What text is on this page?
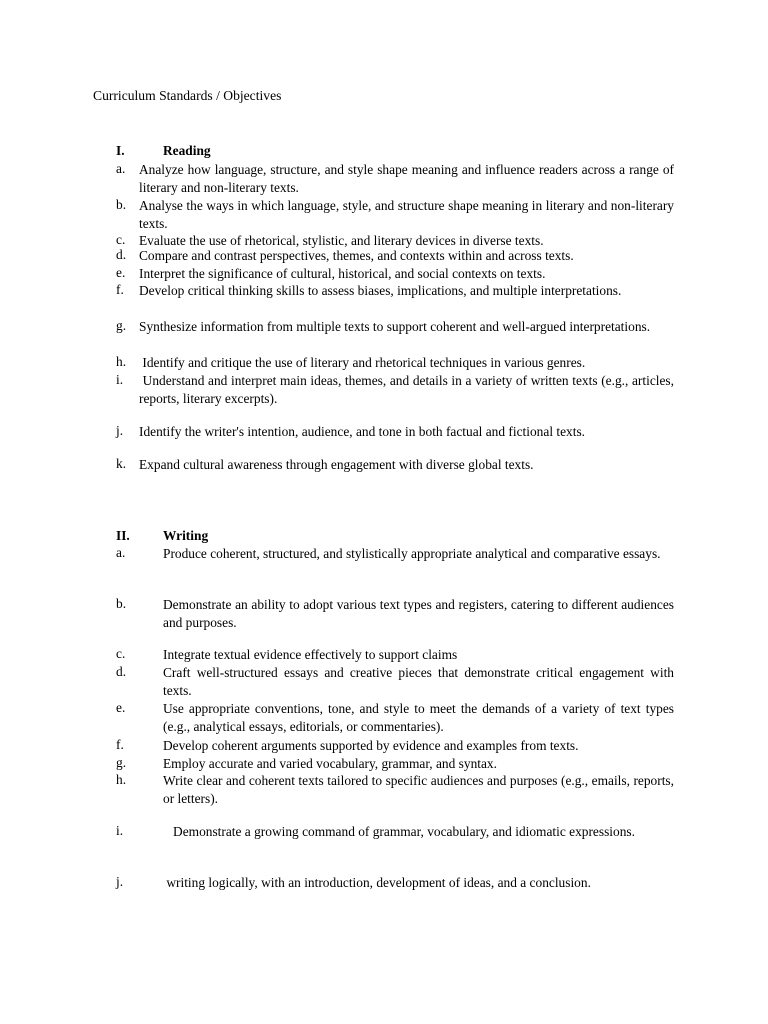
Curriculum Standards / Objectives
I.	Reading
a. Analyze how language, structure, and style shape meaning and influence readers across a range of literary and non-literary texts.
b. Analyse the ways in which language, style, and structure shape meaning in literary and non-literary texts.
c. Evaluate the use of rhetorical, stylistic, and literary devices in diverse texts.
d. Compare and contrast perspectives, themes, and contexts within and across texts.
e. Interpret the significance of cultural, historical, and social contexts on texts.
f. Develop critical thinking skills to assess biases, implications, and multiple interpretations.
g. Synthesize information from multiple texts to support coherent and well-argued interpretations.
h. Identify and critique the use of literary and rhetorical techniques in various genres.
i. Understand and interpret main ideas, themes, and details in a variety of written texts (e.g., articles, reports, literary excerpts).
j. Identify the writer's intention, audience, and tone in both factual and fictional texts.
k. Expand cultural awareness through engagement with diverse global texts.
II. Writing
a.	Produce coherent, structured, and stylistically appropriate analytical and comparative essays.
b.	Demonstrate an ability to adopt various text types and registers, catering to different audiences and purposes.
c.	Integrate textual evidence effectively to support claims
d.	Craft well-structured essays and creative pieces that demonstrate critical engagement with texts.
e.	Use appropriate conventions, tone, and style to meet the demands of a variety of text types (e.g., analytical essays, editorials, or commentaries).
f.	Develop coherent arguments supported by evidence and examples from texts.
g.	Employ accurate and varied vocabulary, grammar, and syntax.
h.	Write clear and coherent texts tailored to specific audiences and purposes (e.g., emails, reports, or letters).
i.	Demonstrate a growing command of grammar, vocabulary, and idiomatic expressions.
j.	writing logically, with an introduction, development of ideas, and a conclusion.
